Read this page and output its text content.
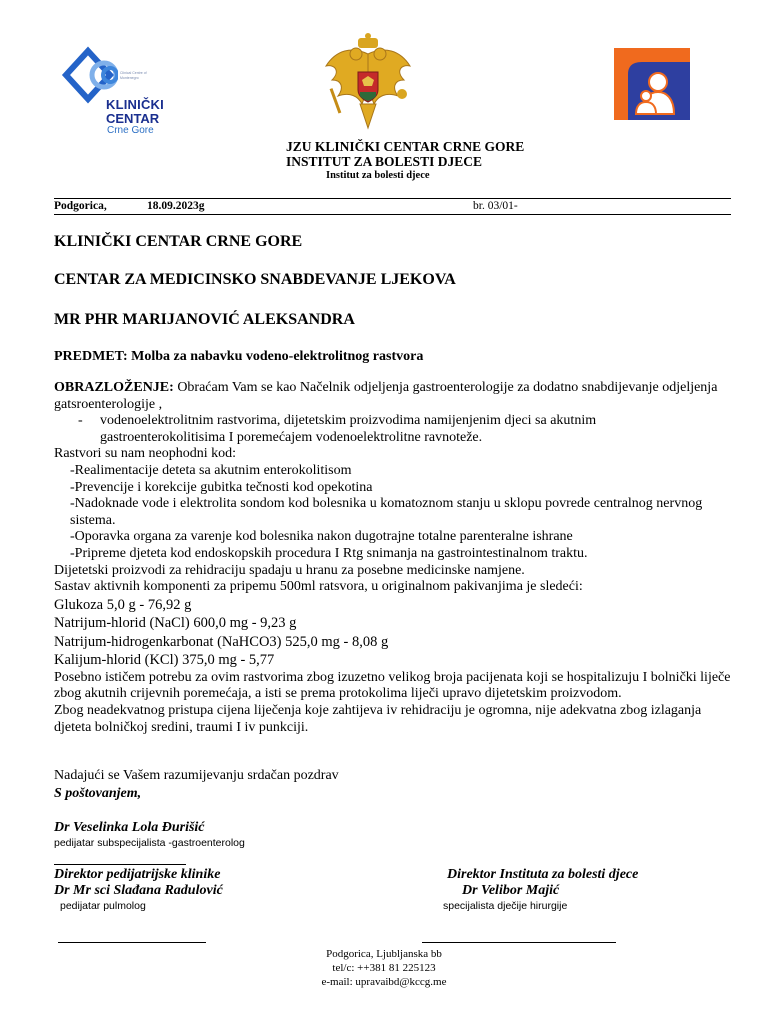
Clinical Centre of Montenegro
KLINIČKI
CENTAR
Crne Gore
JZU KLINIČKI CENTAR CRNE GORE
INSTITUT ZA BOLESTI DJECE
Institut za bolesti djece
Podgorica,	18.09.2023g	br. 03/01-
KLINIČKI CENTAR CRNE GORE
CENTAR ZA MEDICINSKO SNABDEVANJE LJEKOVA
MR PHR MARIJANOVIĆ ALEKSANDRA
PREDMET: Molba za nabavku vodeno-elektrolitnog rastvora

OBRAZLOŽENJE: Obraćam Vam se kao Načelnik odjeljenja gastroenterologije za dodatno snabdijevanje odjeljenja gatsroenterologije ,

-	vodenoelektrolitnim rastvorima, dijetetskim proizvodima namijenjenim djeci sa akutnim
gastroenterokolitisima I poremećajem vodenoelektrolitne ravnoteže.

Rastvori su nam neophodni kod:

-Realimentacije deteta sa akutnim enterokolitisom

-Prevencije i korekcije gubitka tečnosti kod opekotina

-Nadoknade vode i elektrolita sondom kod bolesnika u komatoznom stanju u sklopu povrede centralnog nervnog sistema.

-Oporavka organa za varenje kod bolesnika nakon dugotrajne totalne parenteralne ishrane

-Pripreme djeteta kod endoskopskih procedura I Rtg snimanja na gastrointestinalnom traktu.

Dijetetski proizvodi za rehidraciju spadaju u hranu za posebne medicinske namjene.

Sastav aktivnih komponenti za pripemu 500ml ratsvora, u originalnom pakivanjima je sledeći:

Glukoza 5,0 g - 76,92 g

Natrijum-hlorid (NaCl) 600,0 mg - 9,23 g

Natrijum-hidrogenkarbonat (NaHCO3) 525,0 mg - 8,08 g

Kalijum-hlorid (KCl) 375,0 mg - 5,77

Posebno ističem potrebu za ovim rastvorima zbog izuzetno velikog broja pacijenata koji se hospitalizuju I bolnički liječe zbog akutnih crijevnih poremećaja, a isti se prema protokolima liječi upravo dijetetskim proizvodom.

Zbog neadekvatnog pristupa cijena liječenja koje zahtijeva iv rehidraciju je ogromna, nije adekvatna zbog izlaganja djeteta bolničkoj sredini, traumi I iv punkciji.

Nadajući se Vašem razumijevanju srdačan pozdrav
S poštovanjem,
Dr Veselinka Lola Đurišić
pedijatar subspecijalista -gastroenterolog
Direktor pedijatrijske klinike
Dr Mr sci Slađana Radulović
pedijatar pulmolog
Direktor Instituta za bolesti djece
Dr Velibor Majić
specijalista dječije hirurgije
Podgorica, Ljubljanska bb
tel/c: ++381 81 225123
e-mail: upravaibd@kccg.me
